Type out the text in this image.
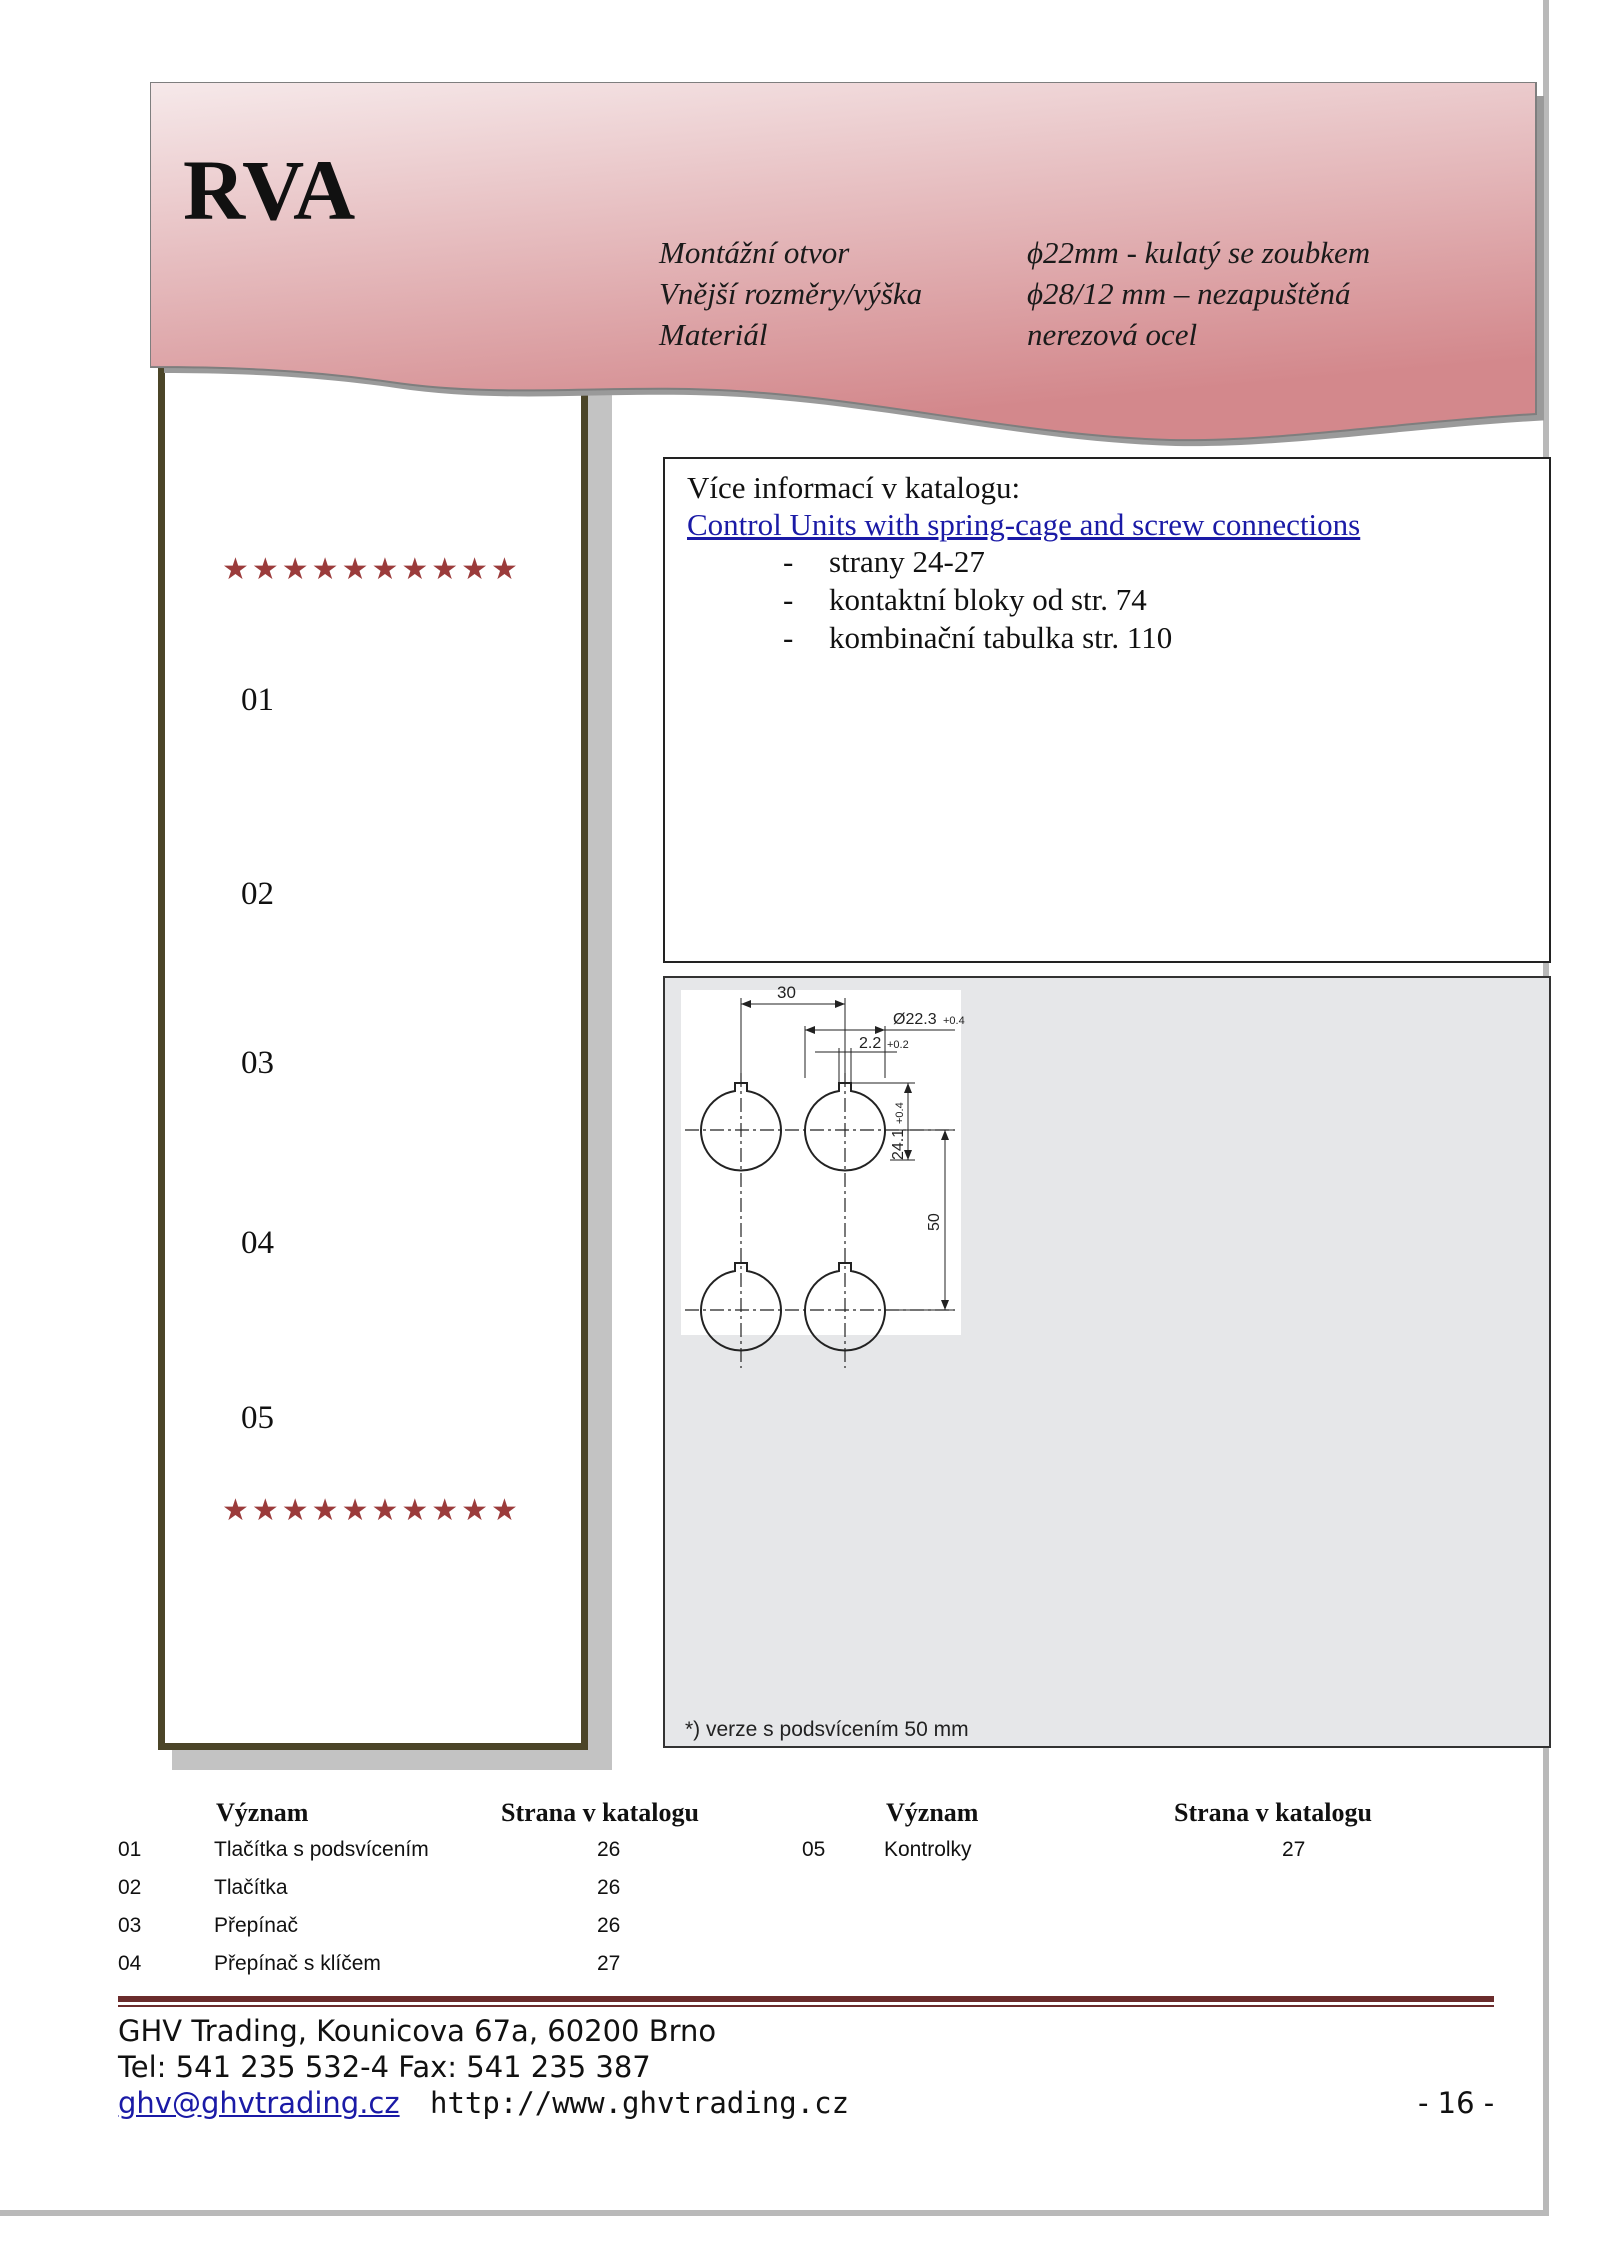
RVA
Montážní otvor
Vnější rozměry/výška
Materiál
ϕ22mm - kulatý se zoubkem
ϕ28/12 mm – nezapuštěná
nerezová ocel
★★★★★★★★★★
01
02
03
04
05
★★★★★★★★★★
Více informací v katalogu:
Control Units with spring-cage and screw connections
-	strany 24-27
-	kontaktní bloky od str. 74
-	kombinační tabulka str. 110
30
Ø22.3 +0.4
2.2 +0.2
24.1
+0.4
50
*) verze s podsvícením 50 mm
Význam	Strana v katalogu	Význam	Strana v katalogu
01	Tlačítka s podsvícením	26
02	Tlačítka	26
03	Přepínač	26
04	Přepínač s klíčem	27
05	Kontrolky	27
GHV Trading, Kounicova 67a, 60200 Brno
Tel: 541 235 532-4 Fax: 541 235 387
ghv@ghvtrading.cz http://www.ghvtrading.cz	- 16 -
